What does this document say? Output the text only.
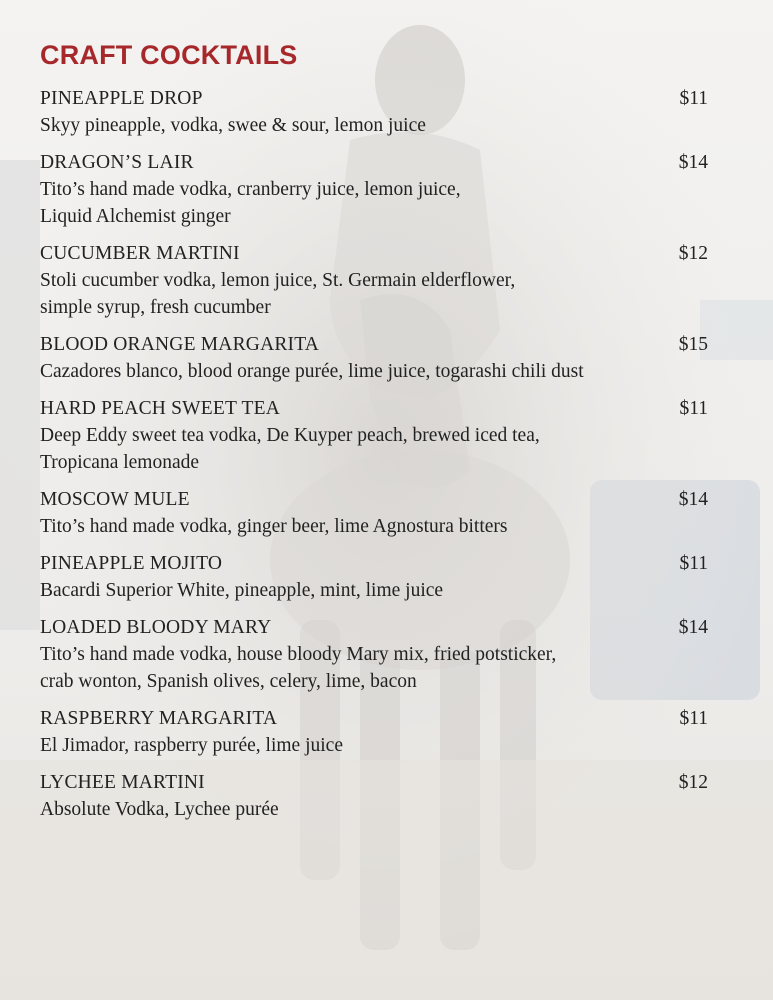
CRAFT COCKTAILS
PINEAPPLE DROP	$11
Skyy pineapple, vodka, swee & sour, lemon juice
DRAGON’S LAIR	$14
Tito’s hand made vodka, cranberry juice, lemon juice,
Liquid Alchemist ginger
CUCUMBER MARTINI	$12
Stoli cucumber vodka, lemon juice, St. Germain elderflower,
simple syrup, fresh cucumber
BLOOD ORANGE MARGARITA	$15
Cazadores blanco, blood orange purée, lime juice, togarashi chili dust
HARD PEACH SWEET TEA	$11
Deep Eddy sweet tea vodka, De Kuyper peach, brewed iced tea,
Tropicana lemonade
MOSCOW MULE	$14
Tito’s hand made vodka, ginger beer, lime Agnostura bitters
PINEAPPLE MOJITO	$11
Bacardi Superior White, pineapple, mint, lime juice
LOADED BLOODY MARY	$14
Tito’s hand made vodka, house bloody Mary mix, fried potsticker,
crab wonton, Spanish olives, celery, lime, bacon
RASPBERRY MARGARITA	$11
El Jimador, raspberry purée, lime juice
LYCHEE MARTINI	$12
Absolute Vodka, Lychee purée
